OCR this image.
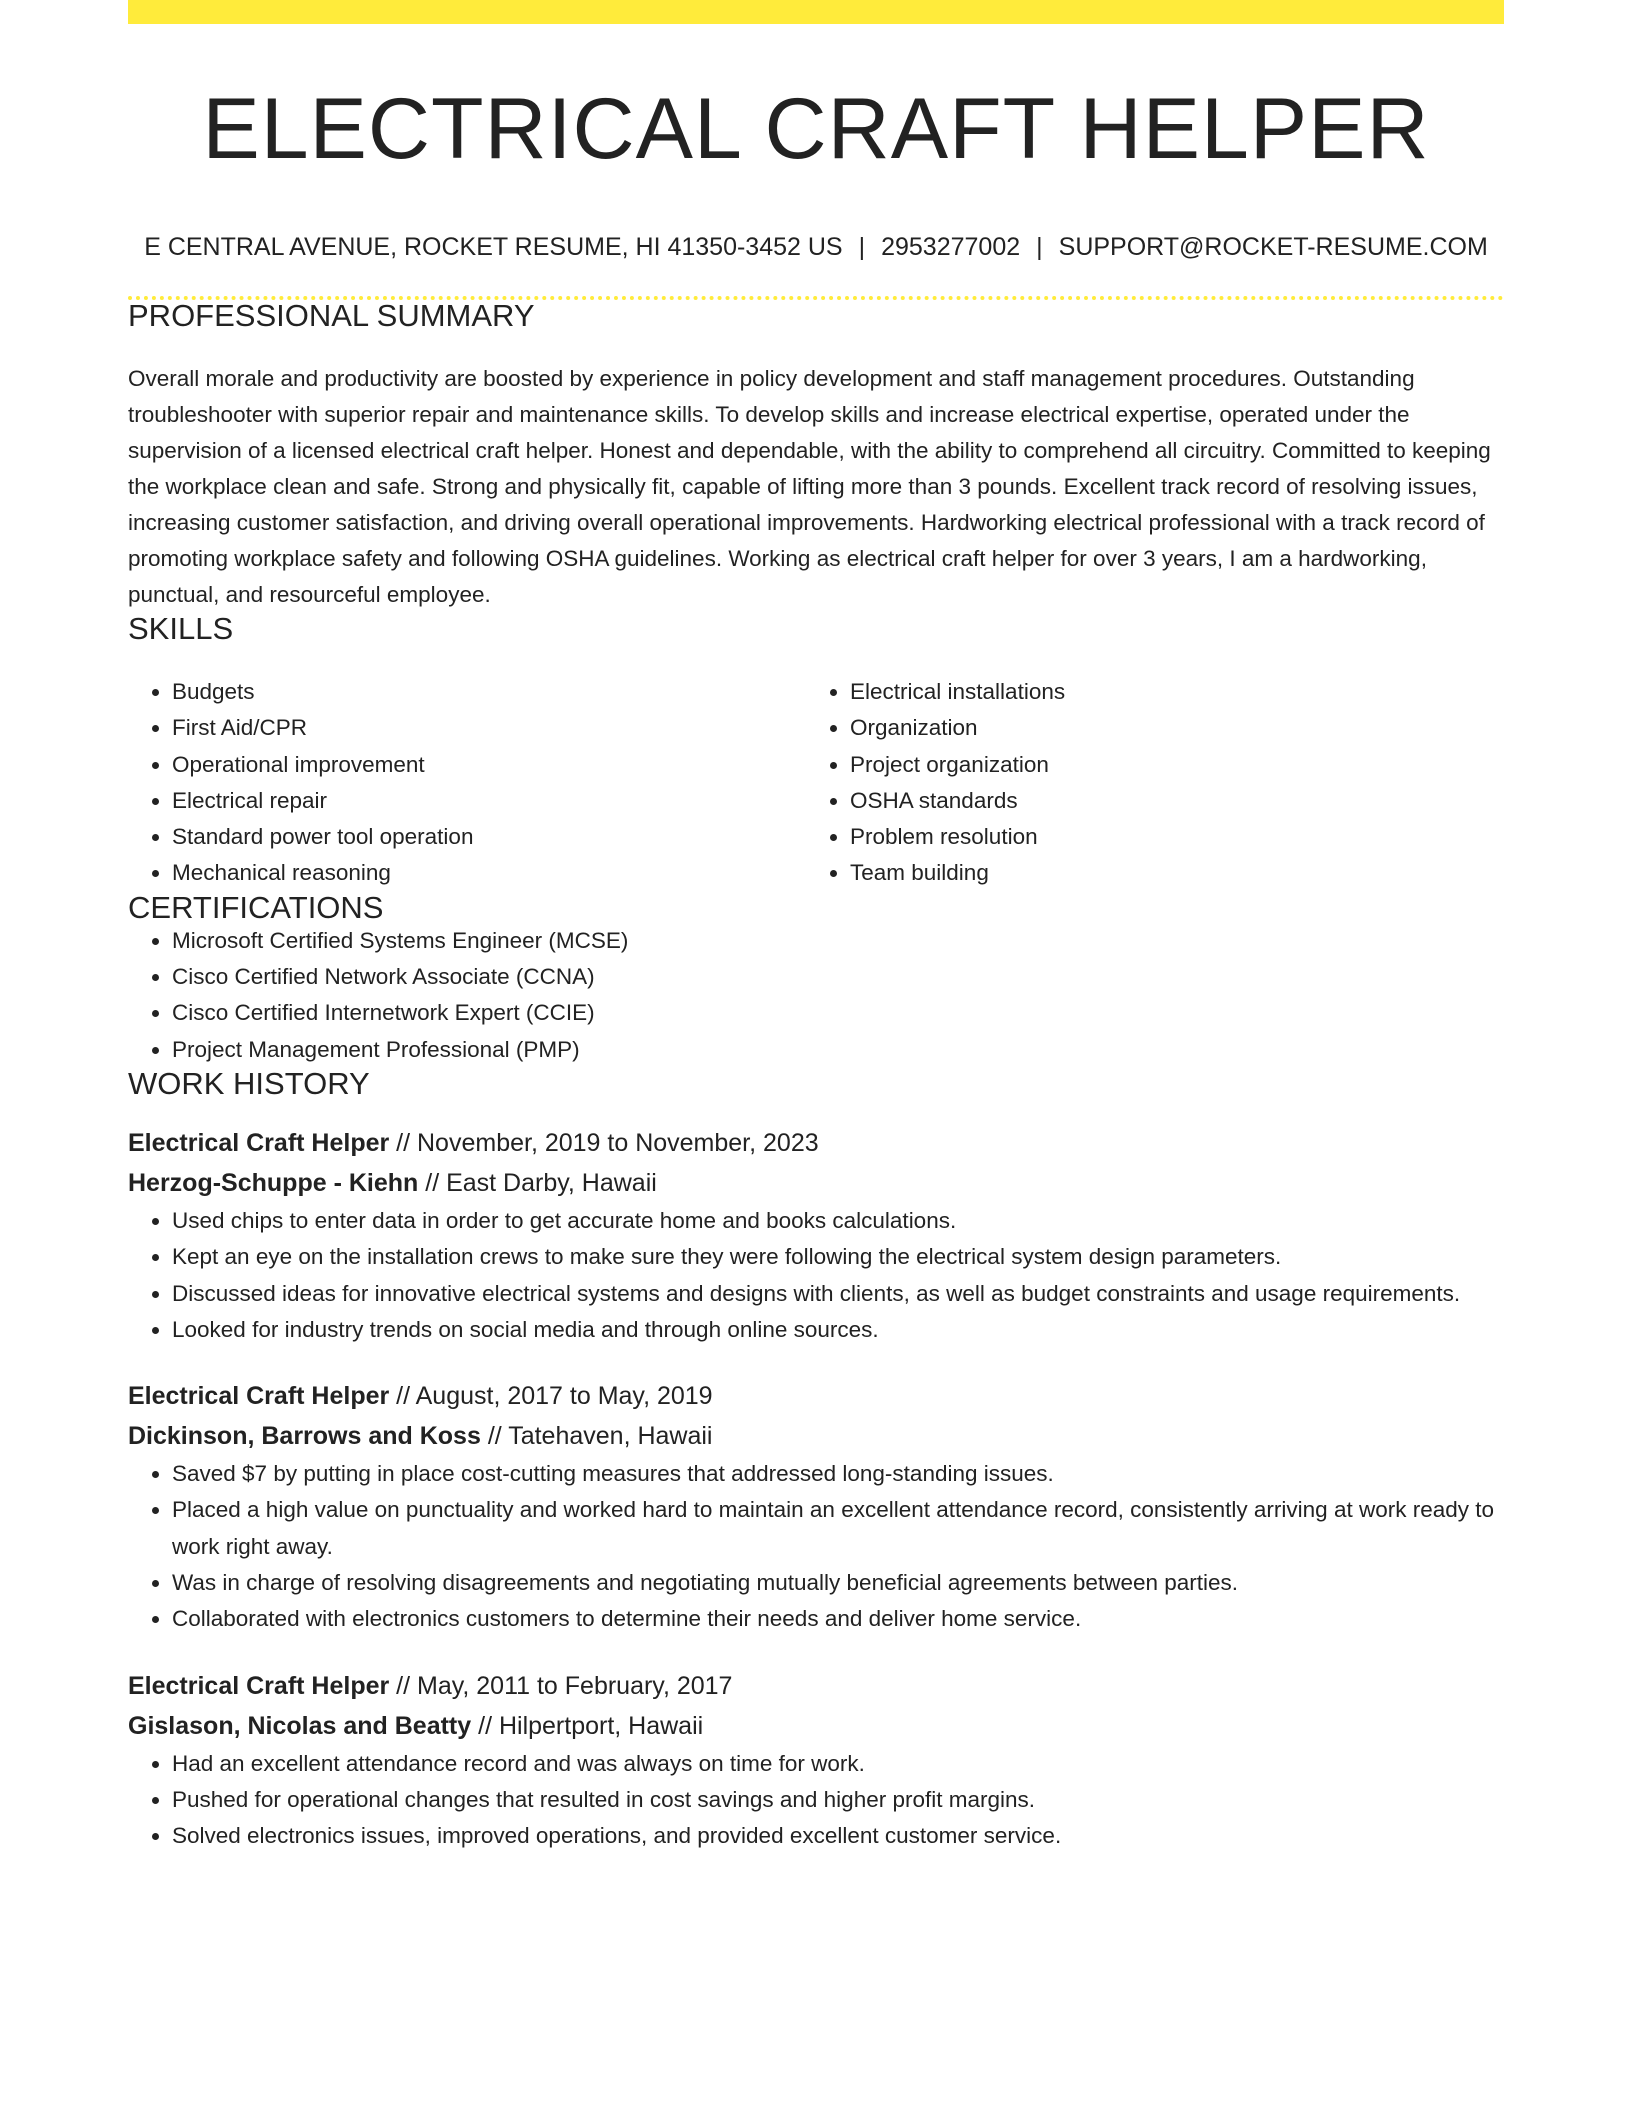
ELECTRICAL CRAFT HELPER
E CENTRAL AVENUE, ROCKET RESUME, HI 41350-3452 US | 2953277002 | SUPPORT@ROCKET-RESUME.COM
PROFESSIONAL SUMMARY

Overall morale and productivity are boosted by experience in policy development and staff management procedures. Outstanding troubleshooter with superior repair and maintenance skills. To develop skills and increase electrical expertise, operated under the supervision of a licensed electrical craft helper. Honest and dependable, with the ability to comprehend all circuitry. Committed to keeping the workplace clean and safe. Strong and physically fit, capable of lifting more than 3 pounds. Excellent track record of resolving issues, increasing customer satisfaction, and driving overall operational improvements. Hardworking electrical professional with a track record of promoting workplace safety and following OSHA guidelines. Working as electrical craft helper for over 3 years, I am a hardworking, punctual, and resourceful employee.

SKILLS
• Budgets
• First Aid/CPR
• Operational improvement
• Electrical repair
• Standard power tool operation
• Mechanical reasoning
• Electrical installations
• Organization
• Project organization
• OSHA standards
• Problem resolution
• Team building
CERTIFICATIONS
• Microsoft Certified Systems Engineer (MCSE)
• Cisco Certified Network Associate (CCNA)
• Cisco Certified Internetwork Expert (CCIE)
• Project Management Professional (PMP)
WORK HISTORY
Electrical Craft Helper // November, 2019 to November, 2023
Herzog-Schuppe - Kiehn // East Darby, Hawaii
• Used chips to enter data in order to get accurate home and books calculations.
• Kept an eye on the installation crews to make sure they were following the electrical system design parameters.
• Discussed ideas for innovative electrical systems and designs with clients, as well as budget constraints and usage requirements.
• Looked for industry trends on social media and through online sources.
Electrical Craft Helper // August, 2017 to May, 2019
Dickinson, Barrows and Koss // Tatehaven, Hawaii
• Saved $7 by putting in place cost-cutting measures that addressed long-standing issues.
• Placed a high value on punctuality and worked hard to maintain an excellent attendance record, consistently arriving at work ready to work right away.
• Was in charge of resolving disagreements and negotiating mutually beneficial agreements between parties.
• Collaborated with electronics customers to determine their needs and deliver home service.
Electrical Craft Helper // May, 2011 to February, 2017
Gislason, Nicolas and Beatty // Hilpertport, Hawaii
• Had an excellent attendance record and was always on time for work.
• Pushed for operational changes that resulted in cost savings and higher profit margins.
• Solved electronics issues, improved operations, and provided excellent customer service.
